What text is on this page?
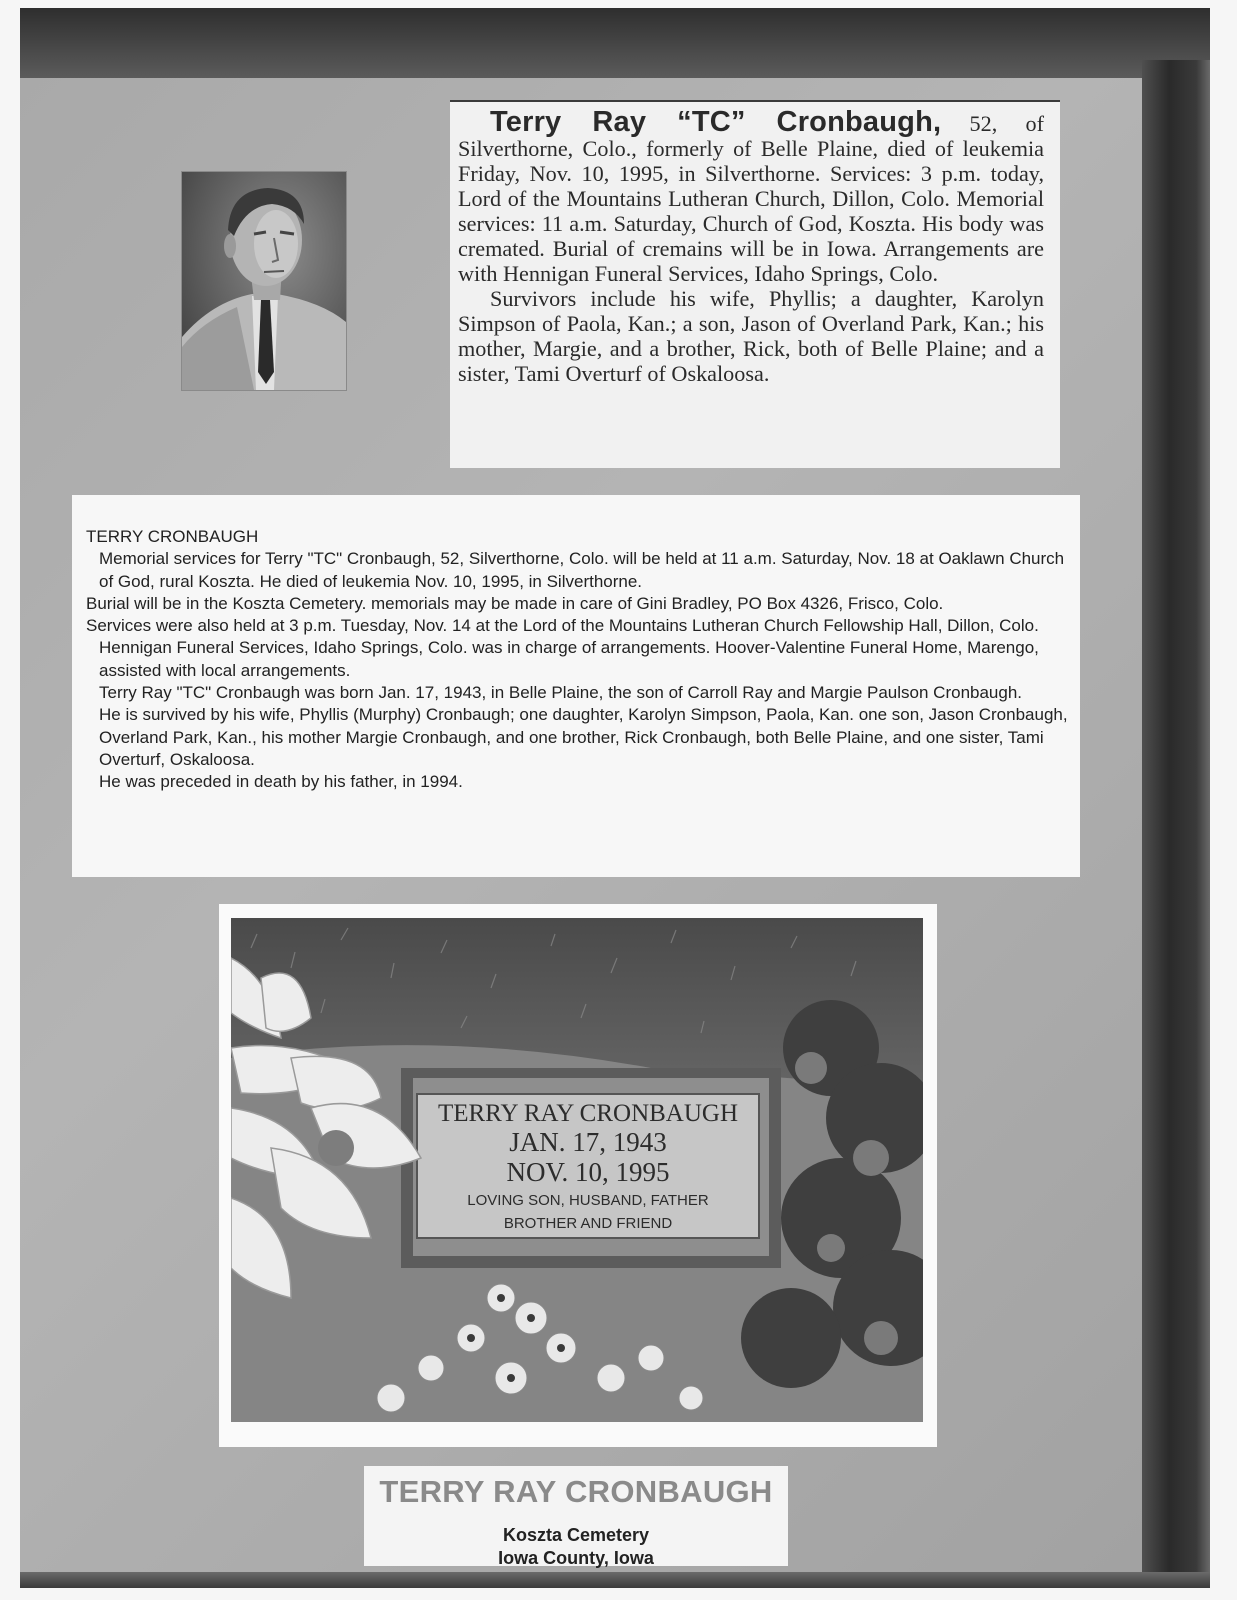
Terry Ray “TC” Cronbaugh, 52, of Silverthorne, Colo., formerly of Belle Plaine, died of leukemia Friday, Nov. 10, 1995, in Silverthorne. Services: 3 p.m. today, Lord of the Mountains Lutheran Church, Dillon, Colo. Memorial services: 11 a.m. Saturday, Church of God, Koszta. His body was cremated. Burial of cremains will be in Iowa. Arrangements are with Hennigan Funeral Services, Idaho Springs, Colo.

Survivors include his wife, Phyllis; a daughter, Karolyn Simpson of Paola, Kan.; a son, Jason of Overland Park, Kan.; his mother, Margie, and a brother, Rick, both of Belle Plaine; and a sister, Tami Overturf of Oskaloosa.

TERRY CRONBAUGH

Memorial services for Terry "TC" Cronbaugh, 52, Silverthorne, Colo. will be held at 11 a.m. Saturday, Nov. 18 at Oaklawn Church of God, rural Koszta. He died of leukemia Nov. 10, 1995, in Silverthorne.

Burial will be in the Koszta Cemetery. memorials may be made in care of Gini Bradley, PO Box 4326, Frisco, Colo.

Services were also held at 3 p.m. Tuesday, Nov. 14 at the Lord of the Mountains Lutheran Church Fellowship Hall, Dillon, Colo.

Hennigan Funeral Services, Idaho Springs, Colo. was in charge of arrangements. Hoover-Valentine Funeral Home, Marengo, assisted with local arrangements.

Terry Ray "TC" Cronbaugh was born Jan. 17, 1943, in Belle Plaine, the son of Carroll Ray and Margie Paulson Cronbaugh.

He is survived by his wife, Phyllis (Murphy) Cronbaugh; one daughter, Karolyn Simpson, Paola, Kan. one son, Jason Cronbaugh, Overland Park, Kan., his mother Margie Cronbaugh, and one brother, Rick Cronbaugh, both Belle Plaine, and one sister, Tami Overturf, Oskaloosa.

He was preceded in death by his father, in 1994.

TERRY RAY CRONBAUGH
JAN. 17, 1943
NOV. 10, 1995
LOVING SON, HUSBAND, FATHER
BROTHER AND FRIEND
TERRY RAY CRONBAUGH
Koszta Cemetery
Iowa County, Iowa
